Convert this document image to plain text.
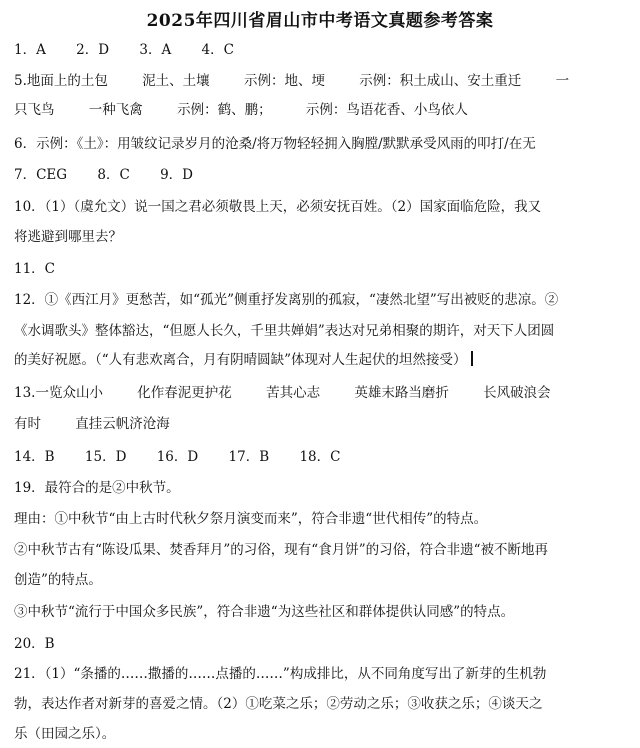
2025年四川省眉山市中考语文真题参考答案
1．A 2．D 3．A 4．C
5.地面上的土包	泥土、土壤	示例：地、埂	示例：积土成山、安土重迁	一
只飞鸟	一种飞禽	示例：鹤、鹏；	示例：鸟语花香、小鸟依人
6．示例：《土》：用皱纹记录岁月的沧桑/将万物轻轻拥入胸膛/默默承受风雨的叩打/在无
7．CEG 8．C 9．D
10．（1）（虞允文）说一国之君必须敬畏上天，必须安抚百姓。（2）国家面临危险，我又
将逃避到哪里去？
11．C
12．①《西江月》更愁苦，如“孤光”侧重抒发离别的孤寂，“凄然北望”写出被贬的悲凉。②
《水调歌头》整体豁达，“但愿人长久，千里共婵娟”表达对兄弟相聚的期许，对天下人团圆
的美好祝愿。（“人有悲欢离合，月有阴晴圆缺”体现对人生起伏的坦然接受）
13.一览众山小	化作春泥更护花	苦其心志	英雄末路当磨折	长风破浪会
有时	直挂云帆济沧海
14．B 15．D 16．D 17．B 18．C
19．最符合的是②中秋节。
理由：①中秋节“由上古时代秋夕祭月演变而来”，符合非遗“世代相传”的特点。
②中秋节古有“陈设瓜果、焚香拜月”的习俗，现有“食月饼”的习俗，符合非遗“被不断地再
创造”的特点。
③中秋节“流行于中国众多民族”，符合非遗“为这些社区和群体提供认同感”的特点。
20．B
21．（1）“条播的……撒播的……点播的……”构成排比，从不同角度写出了新芽的生机勃
勃，表达作者对新芽的喜爱之情。（2）①吃菜之乐；②劳动之乐；③收获之乐；④谈天之
乐（田园之乐）。
